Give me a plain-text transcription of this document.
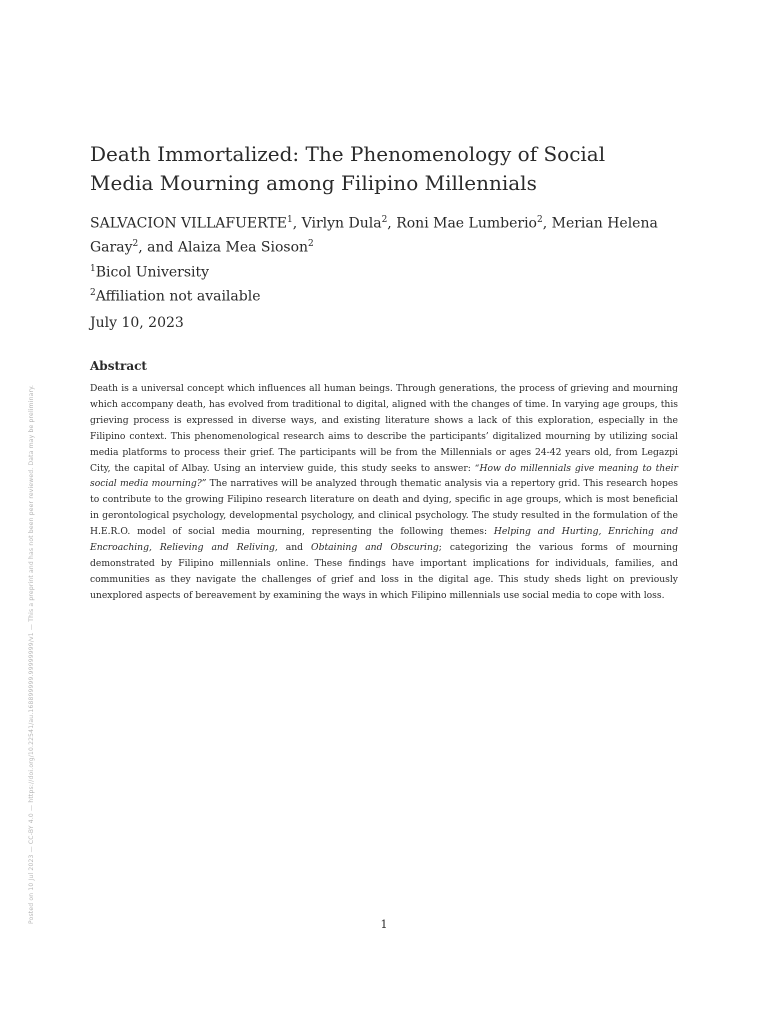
Death Immortalized: The Phenomenology of Social Media Mourning among Filipino Millennials
SALVACION VILLAFUERTE$^1$, Virlyn Dula$^2$, Roni Mae Lumberio$^2$, Merian Helena Garay$^2$, and Alaiza Mea Sioson$^2$
$^1$Bicol University
$^2$Affiliation not available
July 10, 2023
Abstract

Death is a universal concept which influences all human beings. Through generations, the process of grieving and mourning which accompany death, has evolved from traditional to digital, aligned with the changes of time. In varying age groups, this grieving process is expressed in diverse ways, and existing literature shows a lack of this exploration, especially in the Filipino context. This phenomenological research aims to describe the participants’ digitalized mourning by utilizing social media platforms to process their grief. The participants will be from the Millennials or ages 24-42 years old, from Legazpi City, the capital of Albay. Using an interview guide, this study seeks to answer: “How do millennials give meaning to their social media mourning?” The narratives will be analyzed through thematic analysis via a repertory grid. This research hopes to contribute to the growing Filipino research literature on death and dying, specific in age groups, which is most beneficial in gerontological psychology, developmental psychology, and clinical psychology. The study resulted in the formulation of the H.E.R.O. model of social media mourning, representing the following themes: Helping and Hurting, Enriching and Encroaching, Relieving and Reliving, and Obtaining and Obscuring; categorizing the various forms of mourning demonstrated by Filipino millennials online. These findings have important implications for individuals, families, and communities as they navigate the challenges of grief and loss in the digital age. This study sheds light on previously unexplored aspects of bereavement by examining the ways in which Filipino millennials use social media to cope with loss.

1
Posted on 10 Jul 2023 — CC-BY 4.0 — https://doi.org/10.22541/au.168899999.99999999/v1 — This a preprint and has not been peer reviewed. Data may be preliminary.
